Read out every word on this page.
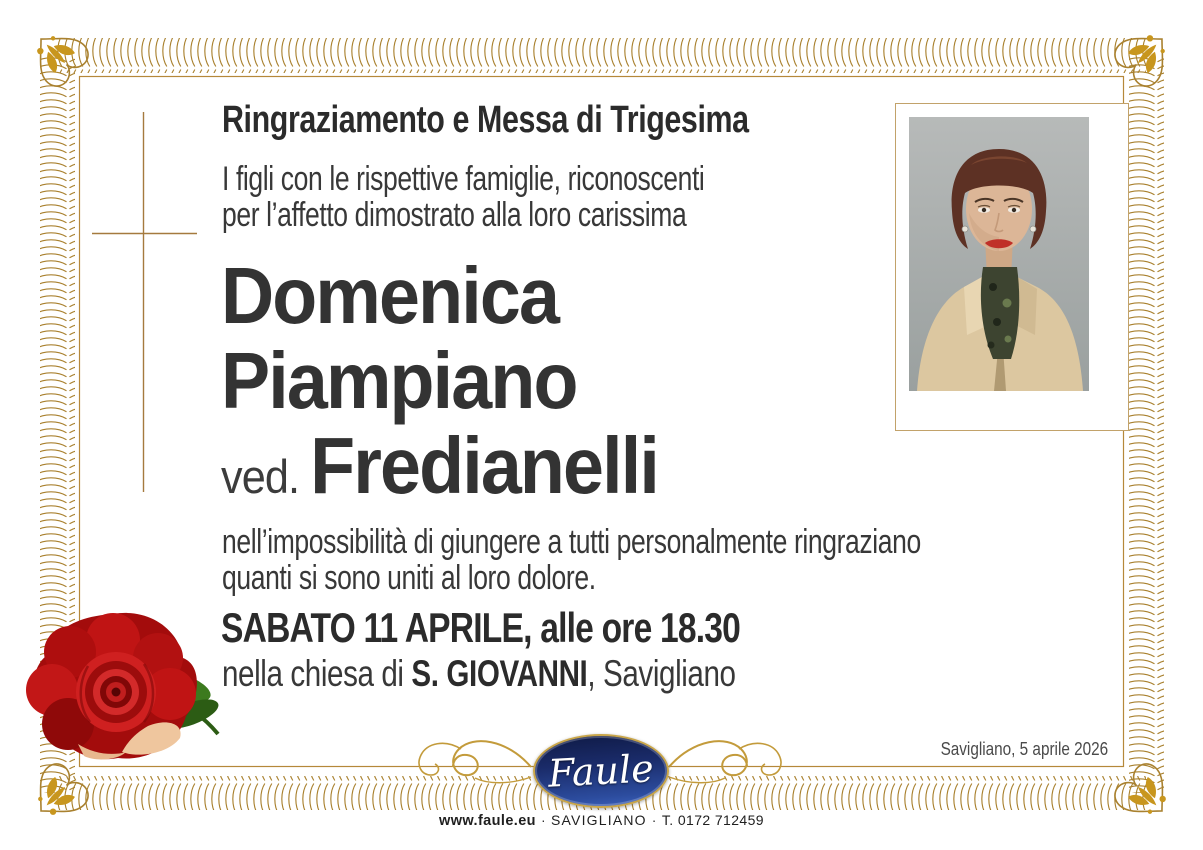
Ringraziamento e Messa di Trigesima
I figli con le rispettive famiglie, riconoscenti
per l’affetto dimostrato alla loro carissima
Domenica
Piampiano
ved. Fredianelli
nell’impossibilità di giungere a tutti personalmente ringraziano
quanti si sono uniti al loro dolore.
SABATO 11 APRILE, alle ore 18.30
nella chiesa di S. GIOVANNI, Savigliano
Savigliano, 5 aprile 2026
Faule
www.faule.eu · SAVIGLIANO · T. 0172 712459
